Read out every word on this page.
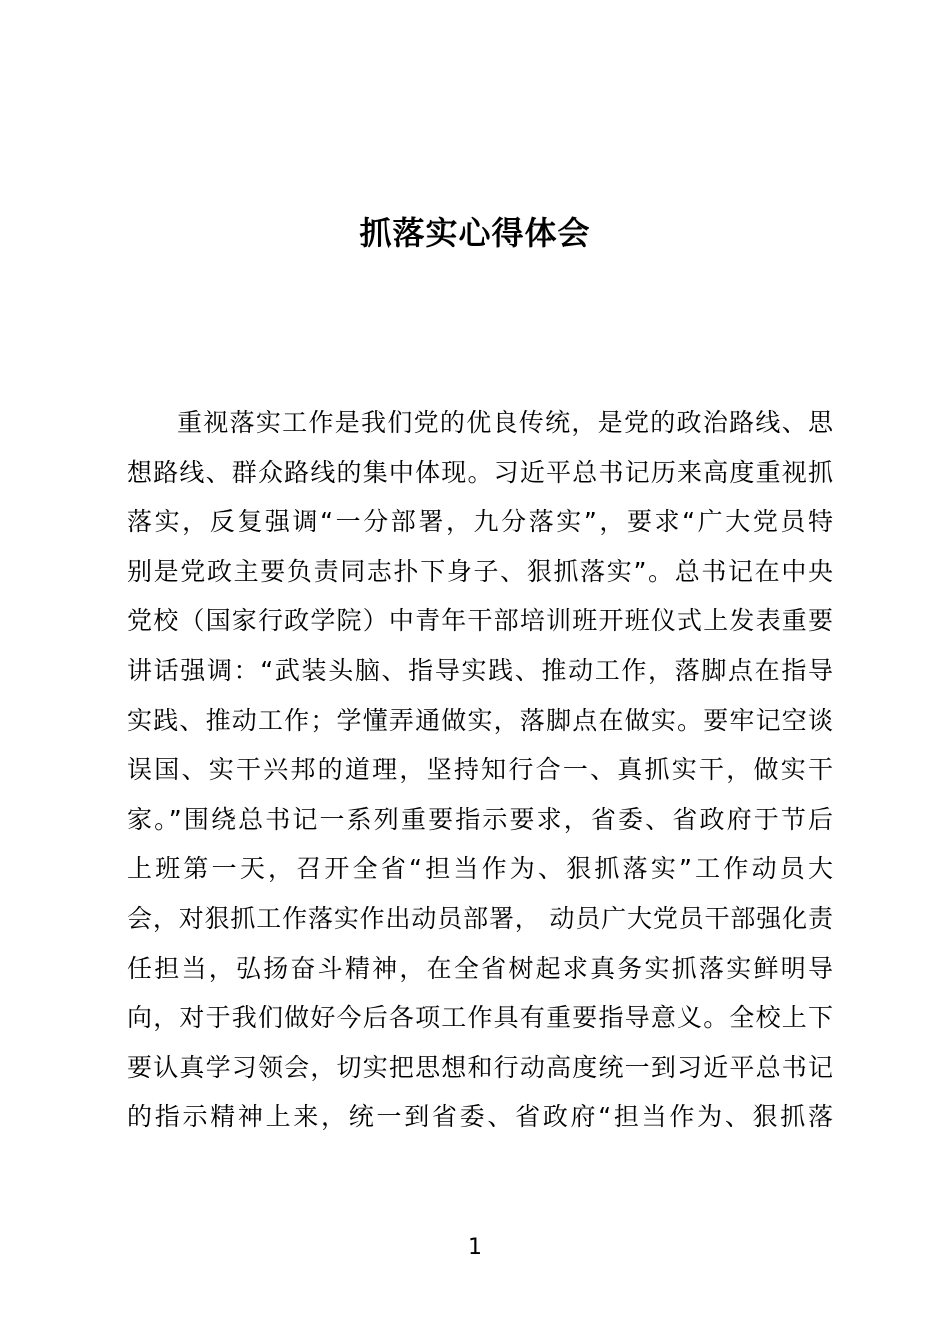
抓落实心得体会
重视落实工作是我们党的优良传统，是党的政治路线、思
想路线、群众路线的集中体现。习近平总书记历来高度重视抓
落实，反复强调“一分部署，九分落实”，要求“广大党员特
别是党政主要负责同志扑下身子、狠抓落实”。总书记在中央
党校（国家行政学院）中青年干部培训班开班仪式上发表重要
讲话强调：“武装头脑、指导实践、推动工作，落脚点在指导
实践、推动工作；学懂弄通做实，落脚点在做实。要牢记空谈
误国、实干兴邦的道理，坚持知行合一、真抓实干，做实干
家。”围绕总书记一系列重要指示要求，省委、省政府于节后
上班第一天，召开全省“担当作为、狠抓落实”工作动员大
会，对狠抓工作落实作出动员部署， 动员广大党员干部强化责
任担当，弘扬奋斗精神，在全省树起求真务实抓落实鲜明导
向，对于我们做好今后各项工作具有重要指导意义。全校上下
要认真学习领会，切实把思想和行动高度统一到习近平总书记
的指示精神上来，统一到省委、省政府“担当作为、狠抓落
1
